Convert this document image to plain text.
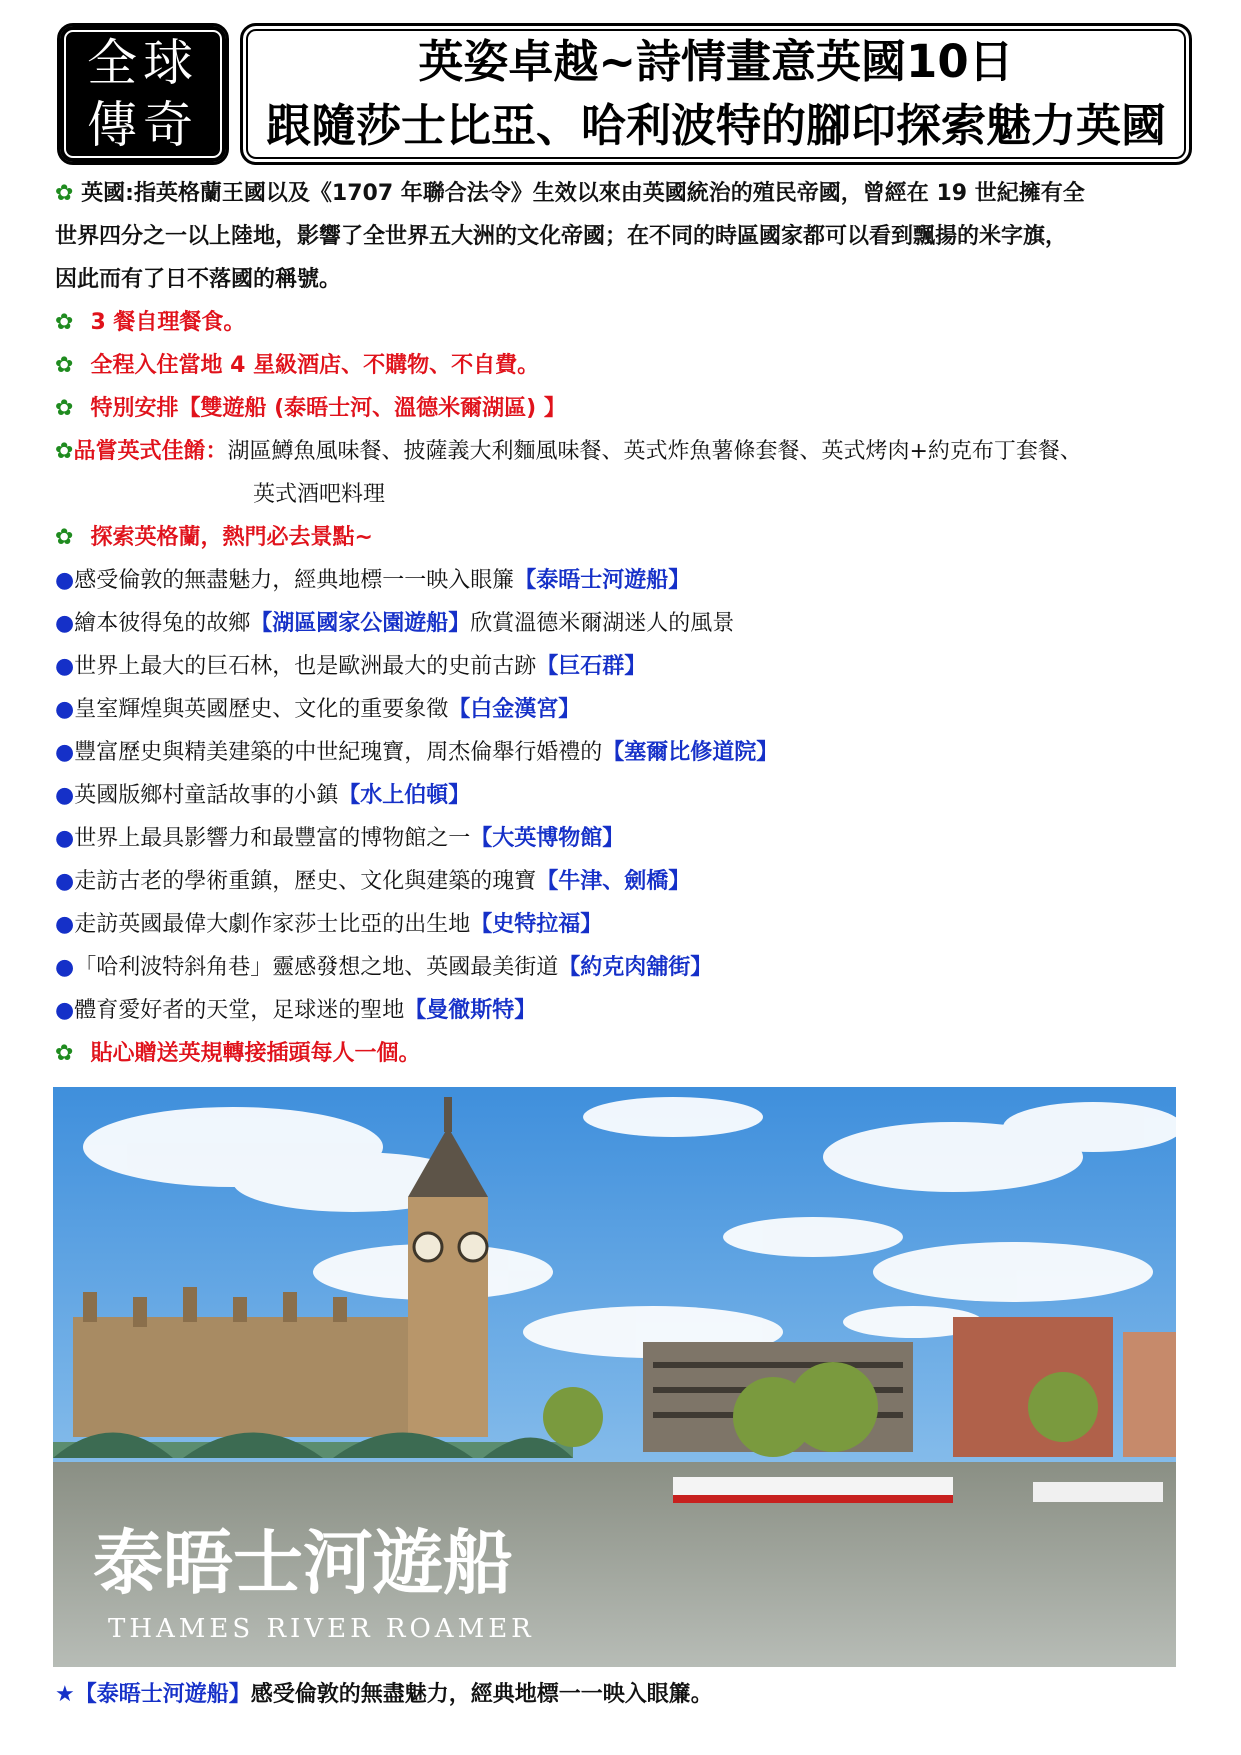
全球
傳奇
英姿卓越~詩情畫意英國10日
跟隨莎士比亞、哈利波特的腳印探索魅力英國
✿ 英國:指英格蘭王國以及《1707 年聯合法令》生效以來由英國統治的殖民帝國，曾經在 19 世紀擁有全
世界四分之一以上陸地，影響了全世界五大洲的文化帝國；在不同的時區國家都可以看到飄揚的米字旗，
因此而有了日不落國的稱號。
✿ 3 餐自理餐食。
✿ 全程入住當地 4 星級酒店、不購物、不自費。
✿ 特別安排【雙遊船 (泰晤士河、溫德米爾湖區) 】
✿品嘗英式佳餚：湖區鱒魚風味餐、披薩義大利麵風味餐、英式炸魚薯條套餐、英式烤肉+約克布丁套餐、
英式酒吧料理
✿ 探索英格蘭，熱門必去景點~
●感受倫敦的無盡魅力，經典地標一一映入眼簾【泰晤士河遊船】
●繪本彼得兔的故鄉【湖區國家公園遊船】欣賞溫德米爾湖迷人的風景
●世界上最大的巨石林，也是歐洲最大的史前古跡【巨石群】
●皇室輝煌與英國歷史、文化的重要象徵【白金漢宮】
●豐富歷史與精美建築的中世紀瑰寶，周杰倫舉行婚禮的【塞爾比修道院】
●英國版鄉村童話故事的小鎮【水上伯頓】
●世界上最具影響力和最豐富的博物館之一【大英博物館】
●走訪古老的學術重鎮，歷史、文化與建築的瑰寶【牛津、劍橋】
●走訪英國最偉大劇作家莎士比亞的出生地【史特拉福】
●「哈利波特斜角巷」靈感發想之地、英國最美街道【約克肉舖街】
●體育愛好者的天堂，足球迷的聖地【曼徹斯特】
✿ 貼心贈送英規轉接插頭每人一個。
泰晤士河遊船
THAMES RIVER ROAMER
★【泰晤士河遊船】感受倫敦的無盡魅力，經典地標一一映入眼簾。
